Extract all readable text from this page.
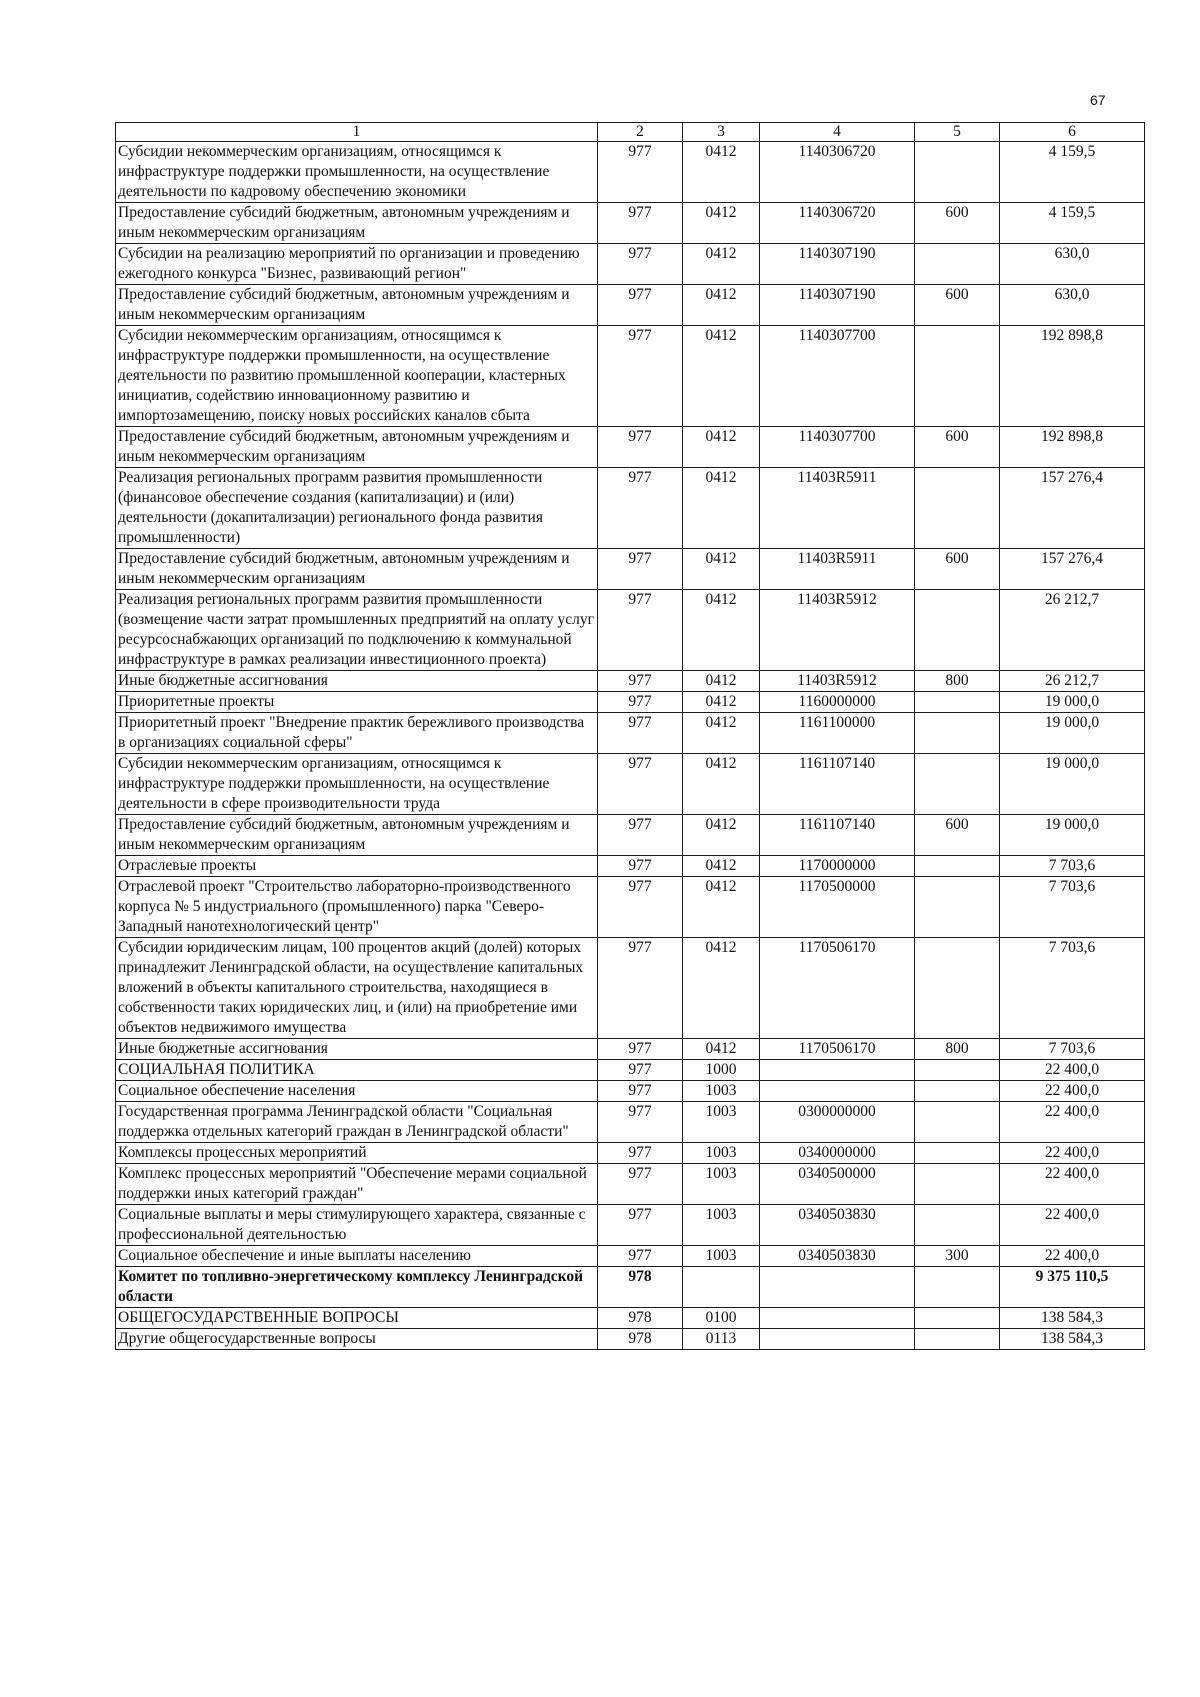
67
1	2	3	4	5	6
Субсидии некоммерческим организациям, относящимся к инфраструктуре поддержки промышленности, на осуществление деятельности по кадровому обеспечению экономики	977	0412	1140306720		4 159,5
Предоставление субсидий бюджетным, автономным учреждениям и иным некоммерческим организациям	977	0412	1140306720	600	4 159,5
Субсидии на реализацию мероприятий по организации и проведению ежегодного конкурса "Бизнес, развивающий регион"	977	0412	1140307190		630,0
Предоставление субсидий бюджетным, автономным учреждениям и иным некоммерческим организациям	977	0412	1140307190	600	630,0
Субсидии некоммерческим организациям, относящимся к инфраструктуре поддержки промышленности, на осуществление деятельности по развитию промышленной кооперации, кластерных инициатив, содействию инновационному развитию и импортозамещению, поиску новых российских каналов сбыта	977	0412	1140307700		192 898,8
Предоставление субсидий бюджетным, автономным учреждениям и иным некоммерческим организациям	977	0412	1140307700	600	192 898,8
Реализация региональных программ развития промышленности (финансовое обеспечение создания (капитализации) и (или) деятельности (докапитализации) регионального фонда развития промышленности)	977	0412	11403R5911		157 276,4
Предоставление субсидий бюджетным, автономным учреждениям и иным некоммерческим организациям	977	0412	11403R5911	600	157 276,4
Реализация региональных программ развития промышленности (возмещение части затрат промышленных предприятий на оплату услуг ресурсоснабжающих организаций по подключению к коммунальной инфраструктуре в рамках реализации инвестиционного проекта)	977	0412	11403R5912		26 212,7
Иные бюджетные ассигнования	977	0412	11403R5912	800	26 212,7
Приоритетные проекты	977	0412	1160000000		19 000,0
Приоритетный проект "Внедрение практик бережливого производства в организациях социальной сферы"	977	0412	1161100000		19 000,0
Субсидии некоммерческим организациям, относящимся к инфраструктуре поддержки промышленности, на осуществление деятельности в сфере производительности труда	977	0412	1161107140		19 000,0
Предоставление субсидий бюджетным, автономным учреждениям и иным некоммерческим организациям	977	0412	1161107140	600	19 000,0
Отраслевые проекты	977	0412	1170000000		7 703,6
Отраслевой проект "Строительство лабораторно-производственного корпуса № 5 индустриального (промышленного) парка "Северо-Западный нанотехнологический центр"	977	0412	1170500000		7 703,6
Субсидии юридическим лицам, 100 процентов акций (долей) которых принадлежит Ленинградской области, на осуществление капитальных вложений в объекты капитального строительства, находящиеся в собственности таких юридических лиц, и (или) на приобретение ими объектов недвижимого имущества	977	0412	1170506170		7 703,6
Иные бюджетные ассигнования	977	0412	1170506170	800	7 703,6
СОЦИАЛЬНАЯ ПОЛИТИКА	977	1000			22 400,0
Социальное обеспечение населения	977	1003			22 400,0
Государственная программа Ленинградской области "Социальная поддержка отдельных категорий граждан в Ленинградской области"	977	1003	0300000000		22 400,0
Комплексы процессных мероприятий	977	1003	0340000000		22 400,0
Комплекс процессных мероприятий "Обеспечение мерами социальной поддержки иных категорий граждан"	977	1003	0340500000		22 400,0
Социальные выплаты и меры стимулирующего характера, связанные с профессиональной деятельностью	977	1003	0340503830		22 400,0
Социальное обеспечение и иные выплаты населению	977	1003	0340503830	300	22 400,0
Комитет по топливно-энергетическому комплексу Ленинградской области	978				9 375 110,5
ОБЩЕГОСУДАРСТВЕННЫЕ ВОПРОСЫ	978	0100			138 584,3
Другие общегосударственные вопросы	978	0113			138 584,3
